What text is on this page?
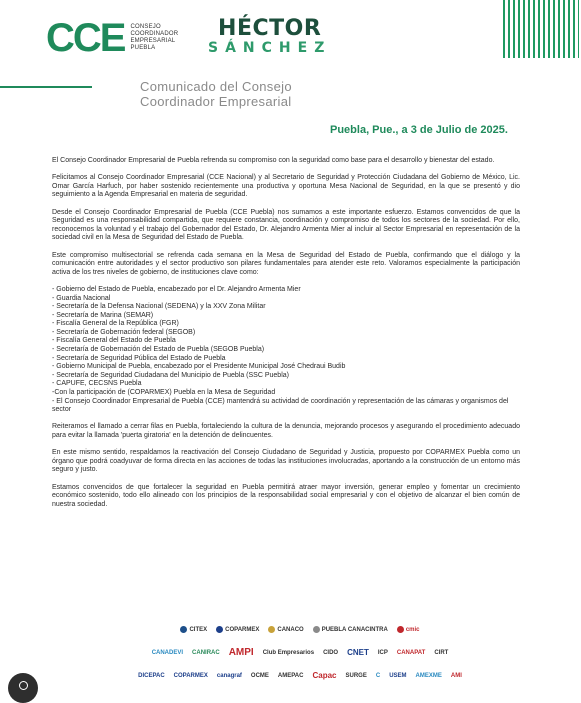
CCE CONSEJO
COORDINADOR
EMPRESARIAL
PUEBLA
HÉCTOR
SÁNCHEZ
Comunicado del Consejo
Coordinador Empresarial
Puebla, Pue., a 3 de Julio de 2025.

El Consejo Coordinador Empresarial de Puebla refrenda su compromiso con la seguridad como base para el desarrollo y bienestar del estado.

Felicitamos al Consejo Coordinador Empresarial (CCE Nacional) y al Secretario de Seguridad y Protección Ciudadana del Gobierno de México, Lic. Omar García Harfuch, por haber sostenido recientemente una productiva y oportuna Mesa Nacional de Seguridad, en la que se presentó y dio seguimiento a la Agenda Empresarial en materia de seguridad.

Desde el Consejo Coordinador Empresarial de Puebla (CCE Puebla) nos sumamos a este importante esfuerzo. Estamos convencidos de que la Seguridad es una responsabilidad compartida, que requiere constancia, coordinación y compromiso de todos los sectores de la sociedad. Por ello, reconocemos la voluntad y el trabajo del Gobernador del Estado, Dr. Alejandro Armenta Mier al incluir al Sector Empresarial en representación de la sociedad civil en la Mesa de Seguridad del Estado de Puebla.

Este compromiso multisectorial se refrenda cada semana en la Mesa de Seguridad del Estado de Puebla, confirmando que el diálogo y la comunicación entre autoridades y el sector productivo son pilares fundamentales para atender este reto. Valoramos especialmente la participación activa de los tres niveles de gobierno, de instituciones clave como:

- Gobierno del Estado de Puebla, encabezado por el Dr. Alejandro Armenta Mier
- Guardia Nacional
- Secretaría de la Defensa Nacional (SEDENA) y la XXV Zona Militar
- Secretaría de Marina (SEMAR)
- Fiscalía General de la República (FGR)
- Secretaría de Gobernación federal (SEGOB)
- Fiscalía General del Estado de Puebla
- Secretaría de Gobernación del Estado de Puebla (SEGOB Puebla)
- Secretaría de Seguridad Pública del Estado de Puebla
- Gobierno Municipal de Puebla, encabezado por el Presidente Municipal José Chedraui Budib
- Secretaría de Seguridad Ciudadana del Municipio de Puebla (SSC Puebla)
- CAPUFE, CECSNS Puebla
-Con la participación de (COPARMEX) Puebla en la Mesa de Seguridad
- El Consejo Coordinador Empresarial de Puebla (CCE) mantendrá su actividad de coordinación y representación de las cámaras y organismos del sector

Reiteramos el llamado a cerrar filas en Puebla, fortaleciendo la cultura de la denuncia, mejorando procesos y asegurando el procedimiento adecuado para evitar la llamada 'puerta giratoria' en la detención de delincuentes.

En este mismo sentido, respaldamos la reactivación del Consejo Ciudadano de Seguridad y Justicia, propuesto por COPARMEX Puebla como un órgano que podrá coadyuvar de forma directa en las acciones de todas las instituciones involucradas, aportando a la construcción de un entorno más seguro y justo.

Estamos convencidos de que fortalecer la seguridad en Puebla permitirá atraer mayor inversión, generar empleo y fomentar un crecimiento económico sostenido, todo ello alineado con los principios de la responsabilidad social empresarial y con el objetivo de alcanzar el bien común de nuestra sociedad.

CITEX	COPARMEX	CANACO	PUEBLA CANACINTRA	cmic
CANADEVI CANIRAC AMPI Club Empresarios CIDO CNET ICP CANAPAT CIRT
DICEPAC COPARMEX canagraf OCME AMEPAC Capac SURGE C USEM AMEXME AMI
